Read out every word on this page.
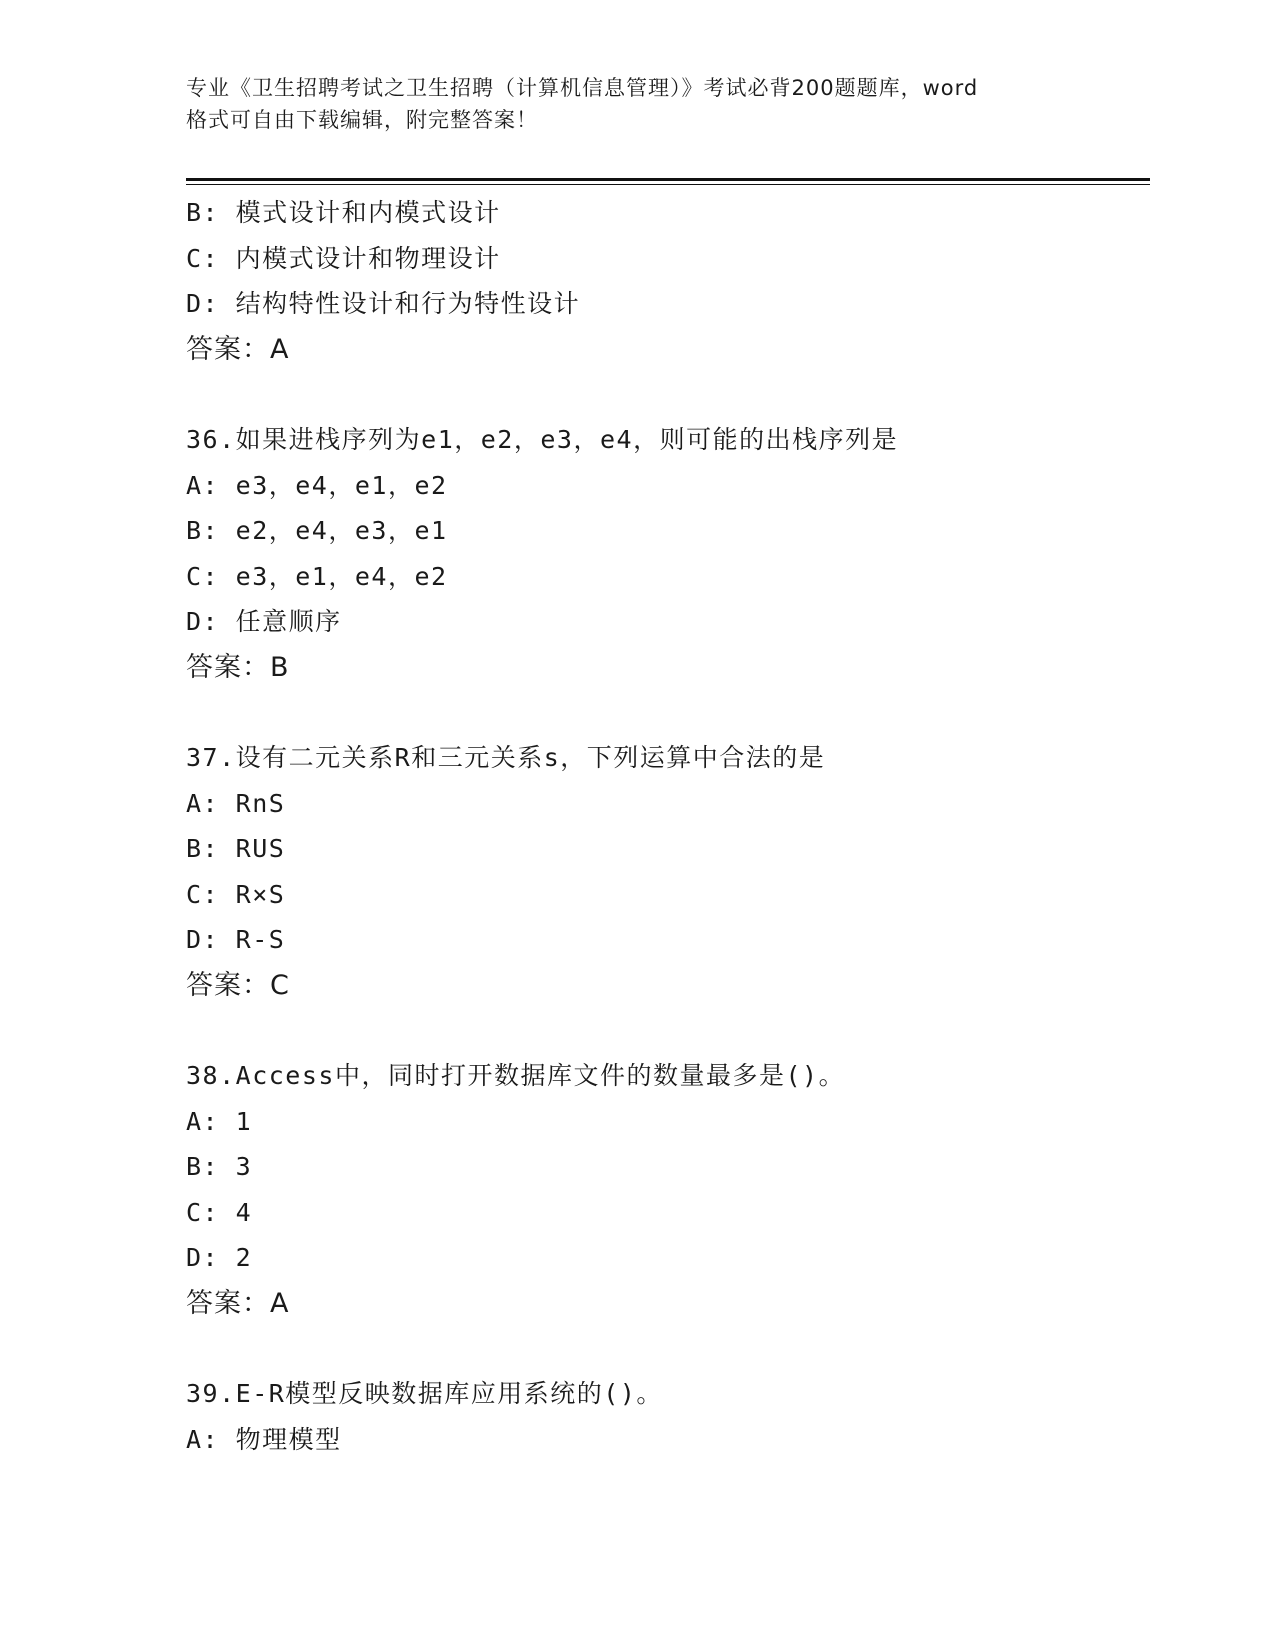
专业《卫生招聘考试之卫生招聘（计算机信息管理）》考试必背200题题库，word
格式可自由下载编辑，附完整答案！
B: 模式设计和内模式设计
C: 内模式设计和物理设计
D: 结构特性设计和行为特性设计
答案：A
36.如果进栈序列为e1，e2，e3，e4，则可能的出栈序列是
A: e3，e4，e1，e2
B: e2，e4，e3，e1
C: e3，e1，e4，e2
D: 任意顺序
答案：B
37.设有二元关系R和三元关系s，下列运算中合法的是
A: RnS
B: RUS
C: R×S
D: R-S
答案：C
38.Access中，同时打开数据库文件的数量最多是()。
A: 1
B: 3
C: 4
D: 2
答案：A
39.E-R模型反映数据库应用系统的()。
A: 物理模型
